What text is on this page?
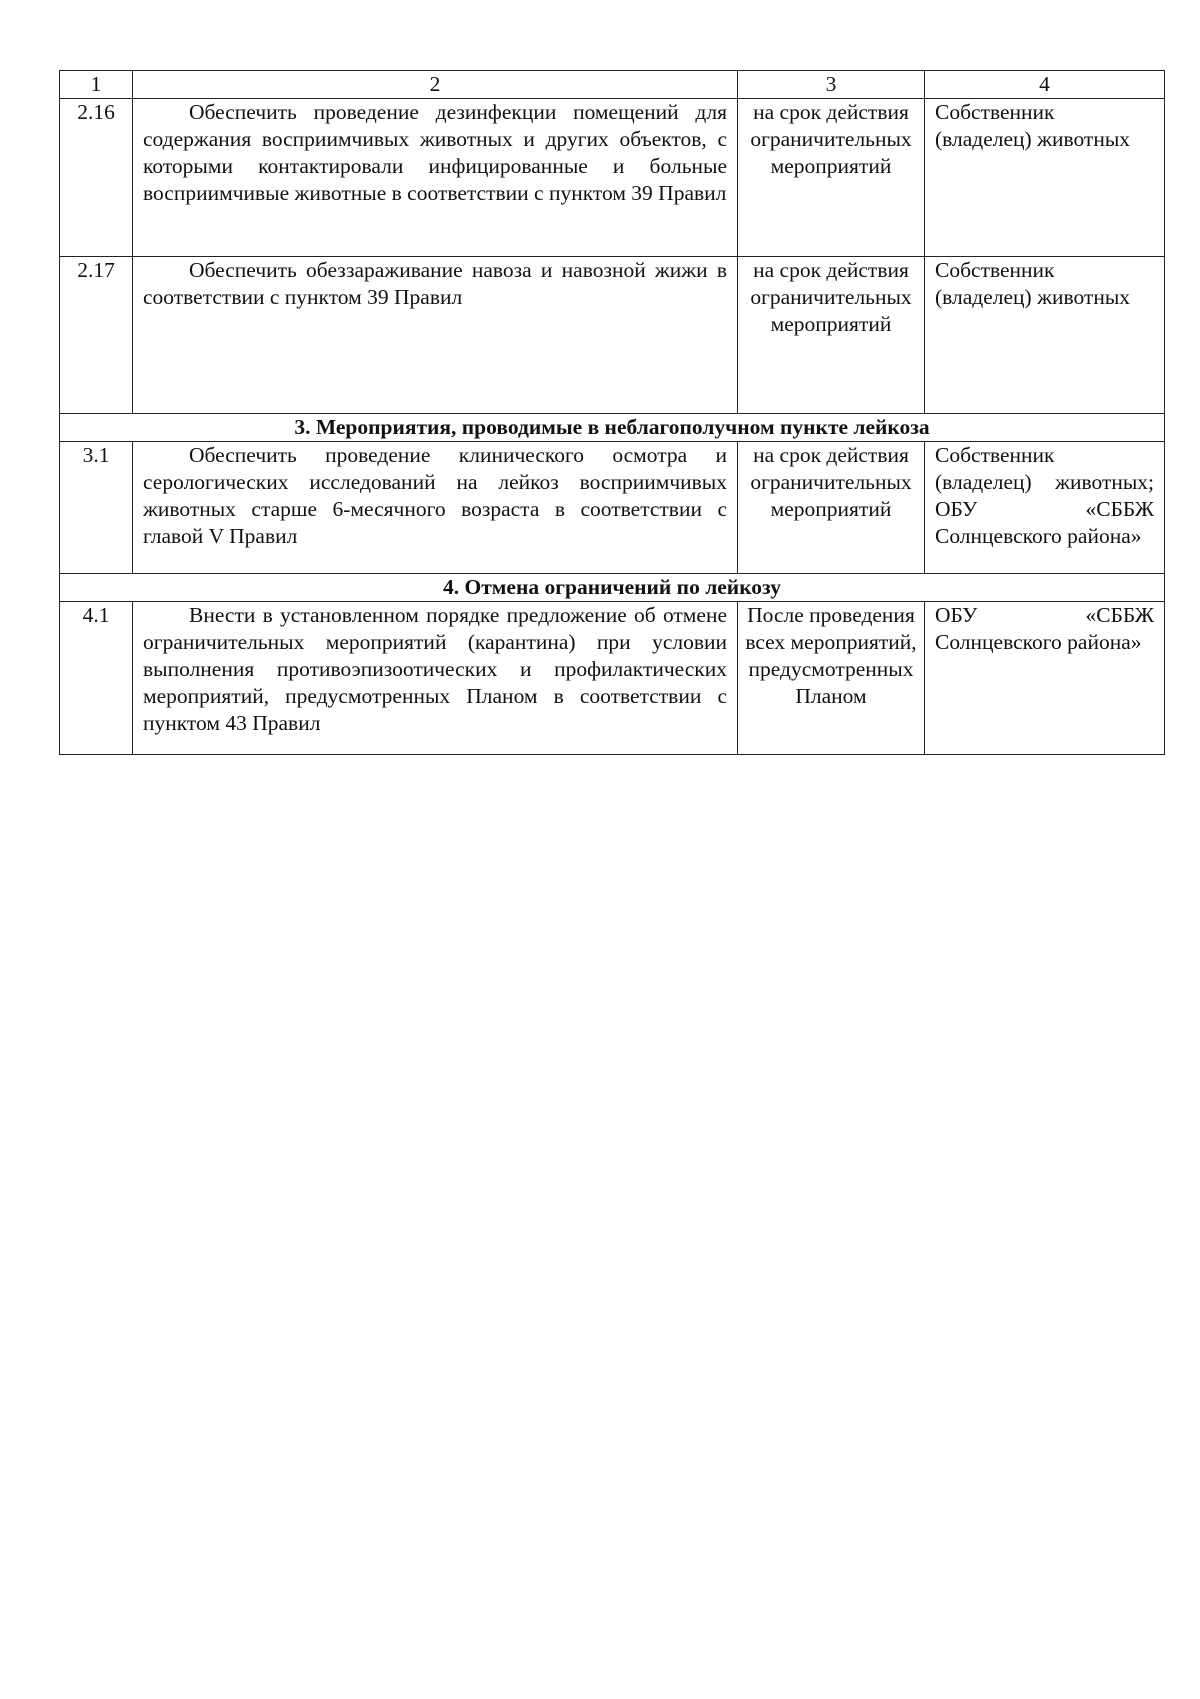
1	2	3	4
2.16	Обеспечить проведение дезинфекции помещений для содержания восприимчивых животных и других объектов, с которыми контактировали инфицированные и больные восприимчивые животные в соответствии с пунктом 39 Правил	на срок действия ограничительных мероприятий	Собственник (владелец) животных
2.17	Обеспечить обеззараживание навоза и навозной жижи в соответствии с пунктом 39 Правил	на срок действия ограничительных мероприятий	Собственник (владелец) животных
3. Мероприятия, проводимые в неблагополучном пункте лейкоза			
3.1	Обеспечить проведение клинического осмотра и серологических исследований на лейкоз восприимчивых животных старше 6-месячного возраста в соответствии с главой V Правил	на срок действия ограничительных мероприятий	Собственник (владелец) животных; ОБУ «СББЖ Солнцевского района»
4. Отмена ограничений по лейкозу			
4.1	Внести в установленном порядке предложение об отмене ограничительных мероприятий (карантина) при условии выполнения противоэпизоотических и профилактических мероприятий, предусмотренных Планом в соответствии с пунктом 43 Правил	После проведения всех мероприятий, предусмотренных Планом	ОБУ «СББЖ Солнцевского района»
